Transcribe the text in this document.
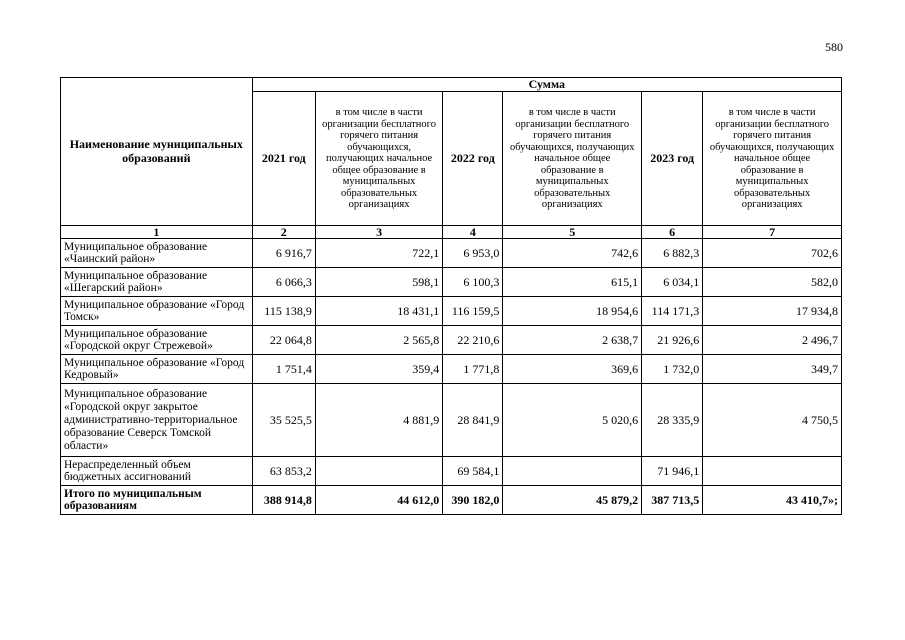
580
Наименование муниципальных образований	Сумма					
	2021 год	в том числе в части организации бесплатного горячего питания обучающихся, получающих начальное общее образование в муниципальных образовательных организациях	2022 год	в том числе в части организации бесплатного горячего питания обучающихся, получающих начальное общее образование в муниципальных образовательных организациях	2023 год	в том числе в части организации бесплатного горячего питания обучающихся, получающих начальное общее образование в муниципальных образовательных организациях
1	2	3	4	5	6	7
Муниципальное образование «Чаинский район»	6 916,7	722,1	6 953,0	742,6	6 882,3	702,6
Муниципальное образование «Шегарский район»	6 066,3	598,1	6 100,3	615,1	6 034,1	582,0
Муниципальное образование «Город Томск»	115 138,9	18 431,1	116 159,5	18 954,6	114 171,3	17 934,8
Муниципальное образование «Городской округ Стрежевой»	22 064,8	2 565,8	22 210,6	2 638,7	21 926,6	2 496,7
Муниципальное образование «Город Кедровый»	1 751,4	359,4	1 771,8	369,6	1 732,0	349,7
Муниципальное образование «Городской округ закрытое административно-территориальное образование Северск Томской области»	35 525,5	4 881,9	28 841,9	5 020,6	28 335,9	4 750,5
Нераспределенный объем бюджетных ассигнований	63 853,2		69 584,1		71 946,1	
Итого по муниципальным образованиям	388 914,8	44 612,0	390 182,0	45 879,2	387 713,5	43 410,7»;
